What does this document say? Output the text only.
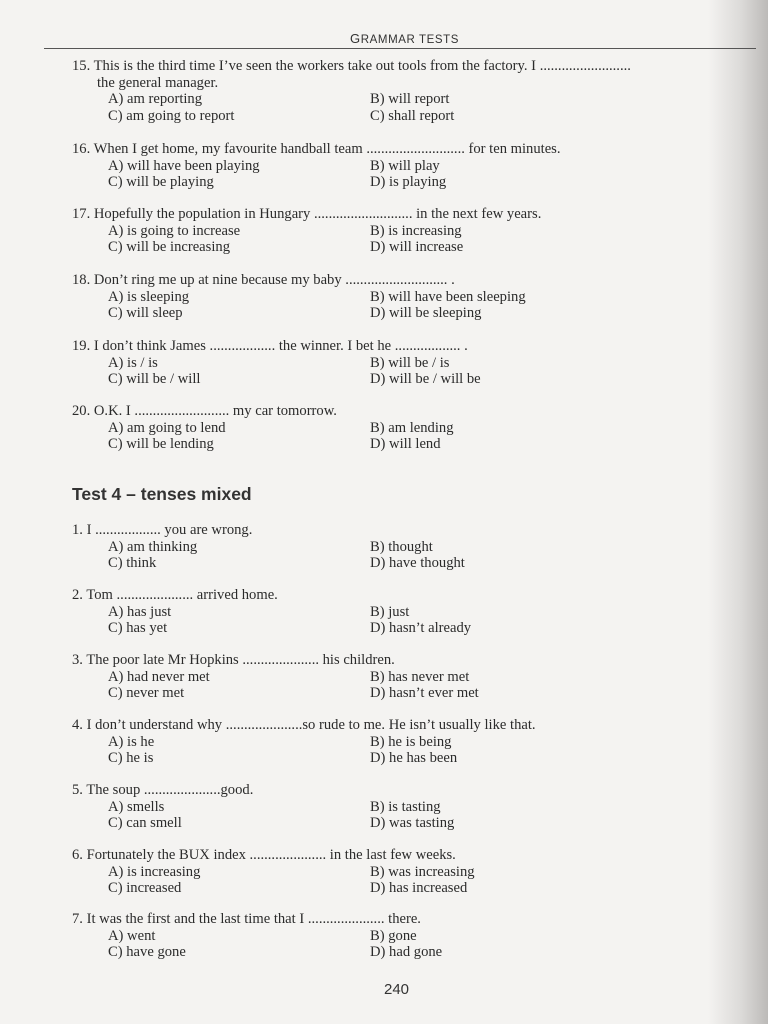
GRAMMAR TESTS
15. This is the third time I’ve seen the workers take out tools from the factory. I .........................
the general manager.
A) am reporting	B) will report
C) am going to report	C) shall report
16. When I get home, my favourite handball team ........................... for ten minutes.
A) will have been playing	B) will play
C) will be playing	D) is playing
17. Hopefully the population in Hungary ........................... in the next few years.
A) is going to increase	B) is increasing
C) will be increasing	D) will increase
18. Don’t ring me up at nine because my baby ............................ .
A) is sleeping	B) will have been sleeping
C) will sleep	D) will be sleeping
19. I don’t think James .................. the winner. I bet he .................. .
A) is / is	B) will be / is
C) will be / will	D) will be / will be
20. O.K. I .......................... my car tomorrow.
A) am going to lend	B) am lending
C) will be lending	D) will lend
Test 4 – tenses mixed
1. I .................. you are wrong.
A) am thinking	B) thought
C) think	D) have thought
2. Tom ..................... arrived home.
A) has just	B) just
C) has yet	D) hasn’t already
3. The poor late Mr Hopkins ..................... his children.
A) had never met	B) has never met
C) never met	D) hasn’t ever met
4. I don’t understand why .....................so rude to me. He isn’t usually like that.
A) is he	B) he is being
C) he is	D) he has been
5. The soup .....................good.
A) smells	B) is tasting
C) can smell	D) was tasting
6. Fortunately the BUX index ..................... in the last few weeks.
A) is increasing	B) was increasing
C) increased	D) has increased
7. It was the first and the last time that I ..................... there.
A) went	B) gone
C) have gone	D) had gone
240
